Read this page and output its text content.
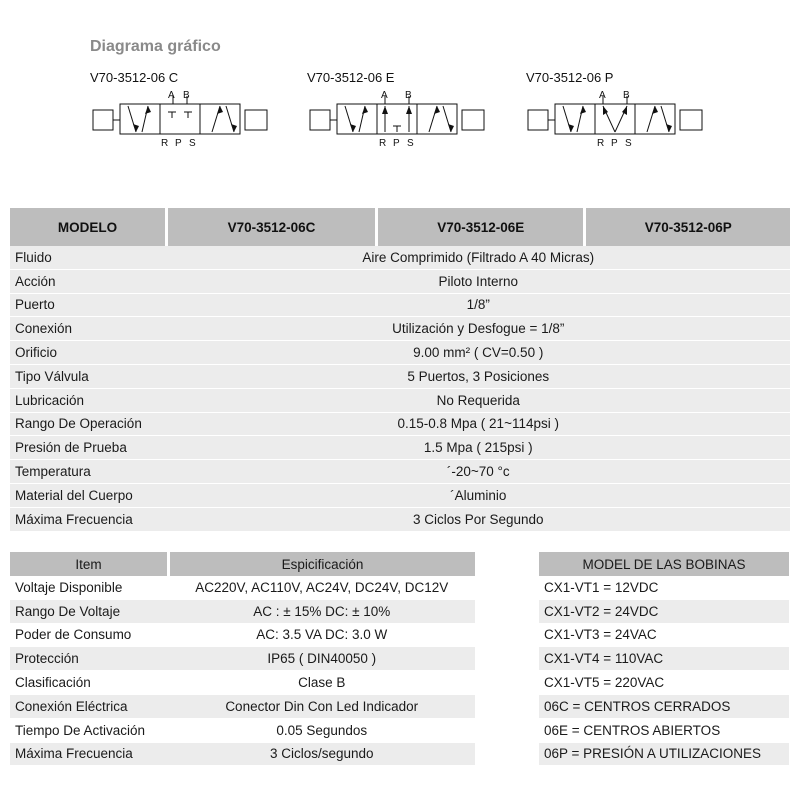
Diagrama gráfico
V70-3512-06 C	V70-3512-06 E	V70-3512-06 P
A B
R P S
A B
R P S
A B
R P S
MODELO	V70-3512-06C	V70-3512-06E	V70-3512-06P
Fluido	Aire Comprimido (Filtrado A 40 Micras)		
Acción	Piloto Interno		
Puerto	1/8”		
Conexión	Utilización y Desfogue = 1/8”		
Orificio	9.00 mm² ( CV=0.50 )		
Tipo Válvula	5 Puertos, 3 Posiciones		
Lubricación	No Requerida		
Rango De Operación	0.15-0.8 Mpa ( 21~114psi )		
Presión de Prueba	1.5 Mpa ( 215psi )		
Temperatura	´-20~70 °c		
Material del Cuerpo	´Aluminio		
Máxima Frecuencia	3 Ciclos Por Segundo		
Item	Espicificación
Voltaje Disponible	AC220V, AC110V, AC24V, DC24V, DC12V
Rango De Voltaje	AC : ± 15% DC: ± 10%
Poder de Consumo	AC: 3.5 VA DC: 3.0 W
Protección	IP65 ( DIN40050 )
Clasificación	Clase B
Conexión Eléctrica	Conector Din Con Led Indicador
Tiempo De Activación	0.05 Segundos
Máxima Frecuencia	3 Ciclos/segundo
MODEL DE LAS BOBINAS
CX1-VT1 = 12VDC
CX1-VT2 = 24VDC
CX1-VT3 = 24VAC
CX1-VT4 = 110VAC
CX1-VT5 = 220VAC
06C = CENTROS CERRADOS
06E = CENTROS ABIERTOS
06P = PRESIÓN A UTILIZACIONES
